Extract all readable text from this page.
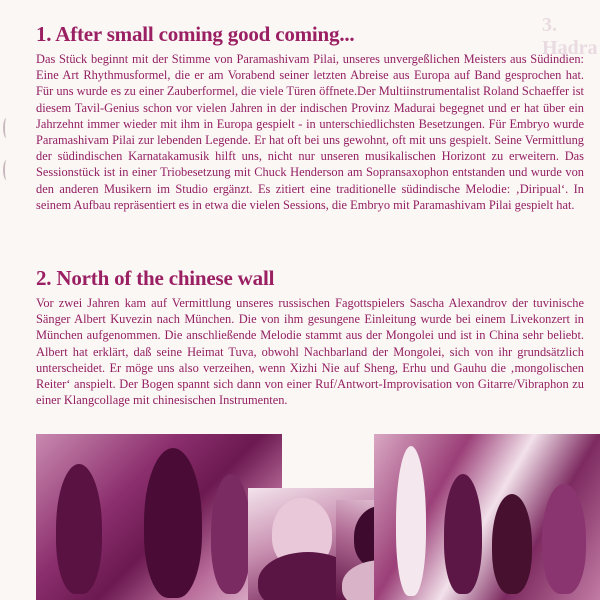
3. Hadra
1. After small coming good coming...

Das Stück beginnt mit der Stimme von Paramashivam Pilai, unseres unvergeßlichen Meisters aus Südindien: Eine Art Rhythmusformel, die er am Vorabend seiner letzten Abreise aus Europa auf Band gesprochen hat. Für uns wurde es zu einer Zauberformel, die viele Türen öffnete.Der Multiinstrumentalist Roland Schaeffer ist diesem Tavil-Genius schon vor vielen Jahren in der indischen Provinz Madurai begegnet und er hat über ein Jahrzehnt immer wieder mit ihm in Europa gespielt - in unterschiedlichsten Besetzungen. Für Embryo wurde Paramashivam Pilai zur lebenden Legende. Er hat oft bei uns gewohnt, oft mit uns gespielt. Seine Vermittlung der südindischen Karnatakamusik hilft uns, nicht nur unseren musikalischen Horizont zu erweitern. Das Sessionstück ist in einer Triobesetzung mit Chuck Henderson am Sopransaxophon entstanden und wurde von den anderen Musikern im Studio ergänzt. Es zitiert eine traditionelle südindische Melodie: ‚Diripual‘. In seinem Aufbau repräsentiert es in etwa die vielen Sessions, die Embryo mit Paramashivam Pilai gespielt hat.

2. North of the chinese wall

Vor zwei Jahren kam auf Vermittlung unseres russischen Fagottspielers Sascha Alexandrov der tuvinische Sänger Albert Kuvezin nach München. Die von ihm gesungene Einleitung wurde bei einem Livekonzert in München aufgenommen. Die anschließende Melodie stammt aus der Mongolei und ist in China sehr beliebt. Albert hat erklärt, daß seine Heimat Tuva, obwohl Nachbarland der Mongolei, sich von ihr grundsätzlich unterscheidet. Er möge uns also verzeihen, wenn Xizhi Nie auf Sheng, Erhu und Gauhu die ‚mongolischen Reiter‘ anspielt. Der Bogen spannt sich dann von einer Ruf/Antwort-Improvisation von Gitarre/Vibraphon zu einer Klangcollage mit chinesischen Instrumenten.
